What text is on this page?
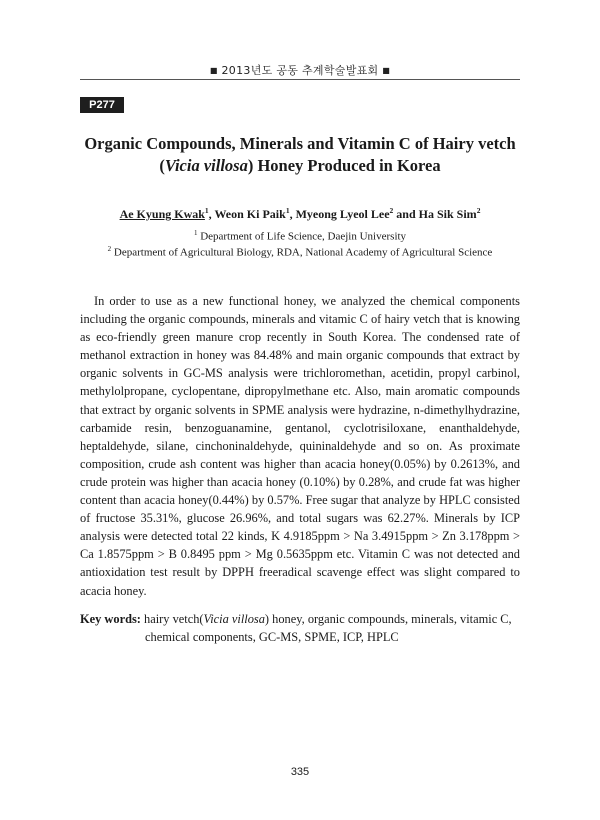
■ 2013년도 공동 추계학술발표회 ■
P277
Organic Compounds, Minerals and Vitamin C of Hairy vetch
(Vicia villosa) Honey Produced in Korea
Ae Kyung Kwak$^1$, Weon Ki Paik$^1$, Myeong Lyeol Lee$^2$ and Ha Sik Sim$^2$
$^1$ Department of Life Science, Daejin University
$^2$ Department of Agricultural Biology, RDA, National Academy of Agricultural Science

In order to use as a new functional honey, we analyzed the chemical components including the organic compounds, minerals and vitamic C of hairy vetch that is knowing as eco-friendly green manure crop recently in South Korea. The condensed rate of methanol extraction in honey was 84.48% and main organic compounds that extract by organic solvents in GC-MS analysis were trichloromethan, acetidin, propyl carbinol, methylolpropane, cyclopentane, dipropylmethane etc. Also, main aromatic compounds that extract by organic solvents in SPME analysis were hydrazine, n-dimethylhydrazine, carbamide resin, benzoguanamine, gentanol, cyclotrisiloxane, enanthaldehyde, heptaldehyde, silane, cinchoninaldehyde, quininaldehyde and so on. As proximate composition, crude ash content was higher than acacia honey(0.05%) by 0.2613%, and crude protein was higher than acacia honey (0.10%) by 0.28%, and crude fat was higher content than acacia honey(0.44%) by 0.57%. Free sugar that analyze by HPLC consisted of fructose 35.31%, glucose 26.96%, and total sugars was 62.27%. Minerals by ICP analysis were detected total 22 kinds, K 4.9185ppm > Na 3.4915ppm > Zn 3.178ppm > Ca 1.8575ppm > B 0.8495 ppm > Mg 0.5635ppm etc. Vitamin C was not detected and antioxidation test result by DPPH freeradical scavenge effect was slight compared to acacia honey.

Key words: hairy vetch(Vicia villosa) honey, organic compounds, minerals, vitamic C,
chemical components, GC-MS, SPME, ICP, HPLC
335
